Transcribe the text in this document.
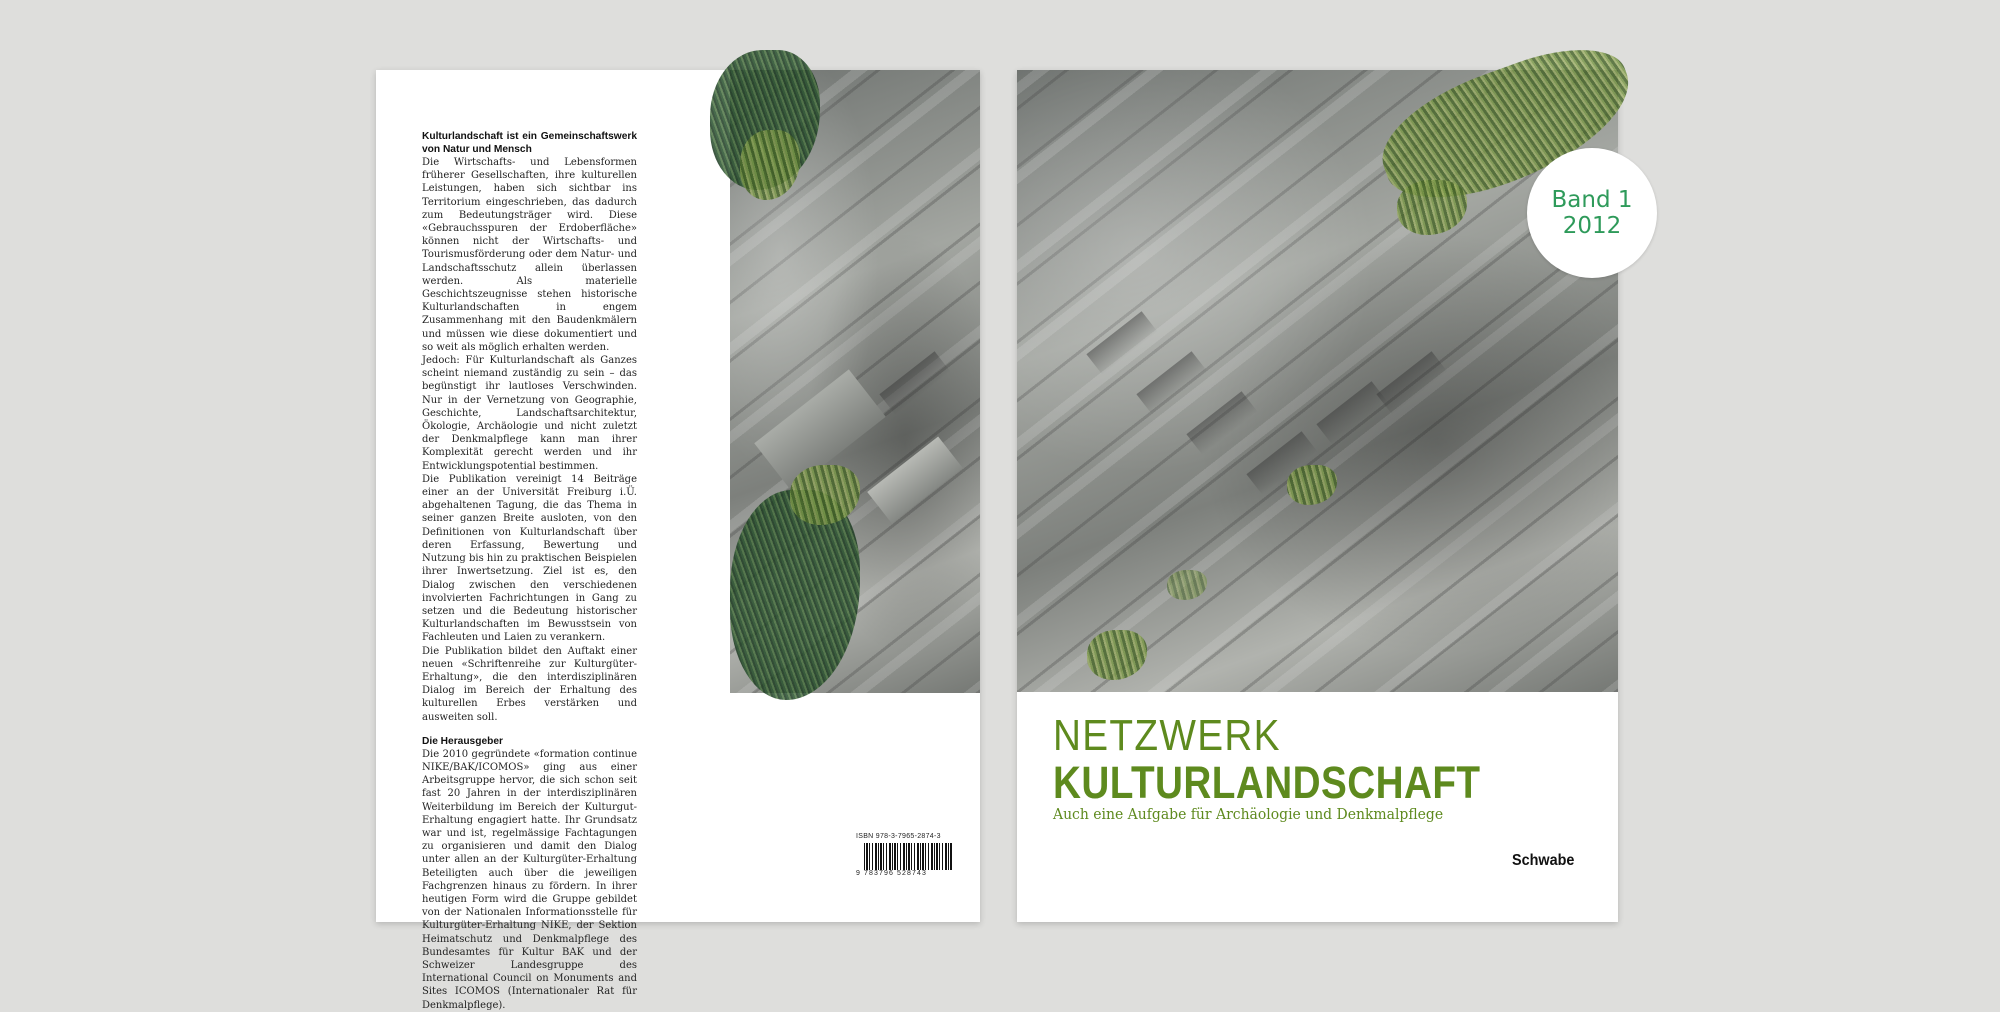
Kulturlandschaft ist ein Gemeinschaftswerk von Natur und Mensch

Die Wirtschafts- und Lebensformen früherer Gesellschaften, ihre kulturellen Leistungen, haben sich sichtbar ins Territorium eingeschrieben, das dadurch zum Bedeutungsträger wird. Diese «Gebrauchsspuren der Erdoberfläche» können nicht der Wirtschafts- und Tourismusförderung oder dem Natur- und Landschaftsschutz allein überlassen werden. Als materielle Geschichtszeugnisse stehen historische Kulturlandschaften in engem Zusammenhang mit den Baudenkmälern und müssen wie diese dokumentiert und so weit als möglich erhalten werden.

Jedoch: Für Kulturlandschaft als Ganzes scheint niemand zuständig zu sein – das begünstigt ihr lautloses Verschwinden. Nur in der Vernetzung von Geographie, Geschichte, Landschaftsarchitektur, Ökologie, Archäologie und nicht zuletzt der Denkmalpflege kann man ihrer Komplexität gerecht werden und ihr Entwicklungspotential bestimmen.

Die Publikation vereinigt 14 Beiträge einer an der Universität Freiburg i.Ü. abgehaltenen Tagung, die das Thema in seiner ganzen Breite ausloten, von den Definitionen von Kulturlandschaft über deren Erfassung, Bewertung und Nutzung bis hin zu praktischen Beispielen ihrer Inwertsetzung. Ziel ist es, den Dialog zwischen den verschiedenen involvierten Fachrichtungen in Gang zu setzen und die Bedeutung historischer Kulturlandschaften im Bewusstsein von Fachleuten und Laien zu verankern.

Die Publikation bildet den Auftakt einer neuen «Schriftenreihe zur Kulturgüter-Erhaltung», die den interdisziplinären Dialog im Bereich der Erhaltung des kulturellen Erbes verstärken und ausweiten soll.

Die Herausgeber

Die 2010 gegründete «formation continue NIKE/BAK/ICOMOS» ging aus einer Arbeitsgruppe hervor, die sich schon seit fast 20 Jahren in der interdisziplinären Weiterbildung im Bereich der Kulturgut-Erhaltung engagiert hatte. Ihr Grundsatz war und ist, regelmässige Fachtagungen zu organisieren und damit den Dialog unter allen an der Kulturgüter-Erhaltung Beteiligten auch über die jeweiligen Fachgrenzen hinaus zu fördern. In ihrer heutigen Form wird die Gruppe gebildet von der Nationalen Informationsstelle für Kulturgüter-Erhaltung NIKE, der Sektion Heimatschutz und Denkmalpflege des Bundesamtes für Kultur BAK und der Schweizer Landesgruppe des International Council on Monuments and Sites ICOMOS (Internationaler Rat für Denkmalpflege).

ISBN 978-3-7965-2874-3
9 783796 528743
NETZWERK
KULTURLANDSCHAFT

Auch eine Aufgabe für Archäologie und Denkmalpflege

Schwabe
Band 1
2012
